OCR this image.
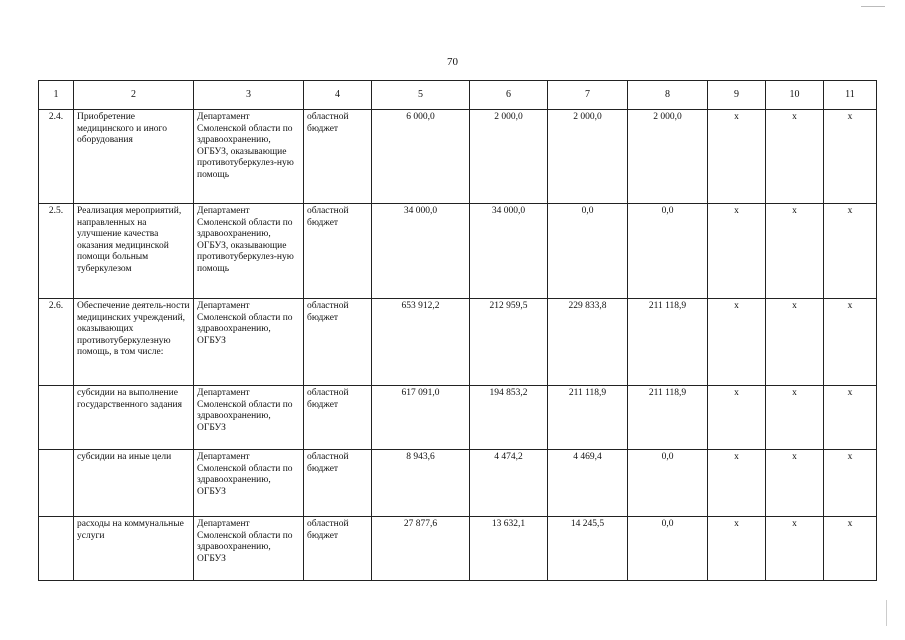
70
1	2	3	4	5	6	7	8	9	10	11
2.4.	Приобретение медицинского и иного оборудования	Департамент Смоленской области по здравоохранению, ОГБУЗ, оказывающие противотуберкулез-ную помощь	областной бюджет	6 000,0	2 000,0	2 000,0	2 000,0	x	x	x
2.5.	Реализация мероприятий, направленных на улучшение качества оказания медицинской помощи больным туберкулезом	Департамент Смоленской области по здравоохранению, ОГБУЗ, оказывающие противотуберкулез-ную помощь	областной бюджет	34 000,0	34 000,0	0,0	0,0	x	x	x
2.6.	Обеспечение деятель-ности медицинских учреждений, оказывающих противотуберкулезную помощь, в том числе:	Департамент Смоленской области по здравоохранению, ОГБУЗ	областной бюджет	653 912,2	212 959,5	229 833,8	211 118,9	x	x	x
	субсидии на выполнение государственного задания	Департамент Смоленской области по здравоохранению, ОГБУЗ	областной бюджет	617 091,0	194 853,2	211 118,9	211 118,9	x	x	x
	субсидии на иные цели	Департамент Смоленской области по здравоохранению, ОГБУЗ	областной бюджет	8 943,6	4 474,2	4 469,4	0,0	x	x	x
	расходы на коммунальные услуги	Департамент Смоленской области по здравоохранению, ОГБУЗ	областной бюджет	27 877,6	13 632,1	14 245,5	0,0	x	x	x
